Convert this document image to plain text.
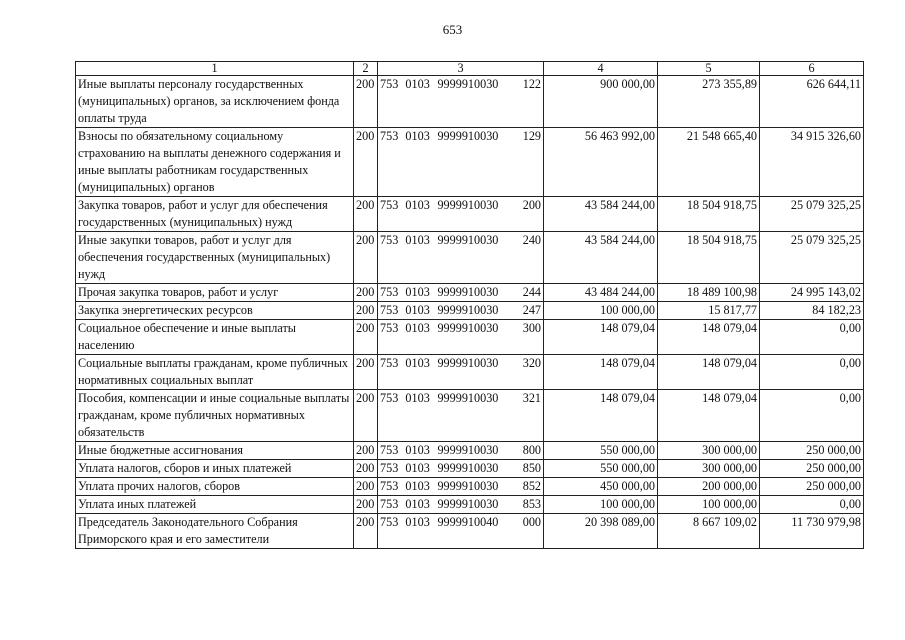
653
1	2	3	4	5	6
Иные выплаты персоналу государственных (муниципальных) органов, за исключением фонда оплаты труда	200	753 0103 9999910030 122	900 000,00	273 355,89	626 644,11
Взносы по обязательному социальному страхованию на выплаты денежного содержания и иные выплаты работникам государственных (муниципальных) органов	200	753 0103 9999910030 129	56 463 992,00	21 548 665,40	34 915 326,60
Закупка товаров, работ и услуг для обеспечения государственных (муниципальных) нужд	200	753 0103 9999910030 200	43 584 244,00	18 504 918,75	25 079 325,25
Иные закупки товаров, работ и услуг для обеспечения государственных (муниципальных) нужд	200	753 0103 9999910030 240	43 584 244,00	18 504 918,75	25 079 325,25
Прочая закупка товаров, работ и услуг	200	753 0103 9999910030 244	43 484 244,00	18 489 100,98	24 995 143,02
Закупка энергетических ресурсов	200	753 0103 9999910030 247	100 000,00	15 817,77	84 182,23
Социальное обеспечение и иные выплаты населению	200	753 0103 9999910030 300	148 079,04	148 079,04	0,00
Социальные выплаты гражданам, кроме публичных нормативных социальных выплат	200	753 0103 9999910030 320	148 079,04	148 079,04	0,00
Пособия, компенсации и иные социальные выплаты гражданам, кроме публичных нормативных обязательств	200	753 0103 9999910030 321	148 079,04	148 079,04	0,00
Иные бюджетные ассигнования	200	753 0103 9999910030 800	550 000,00	300 000,00	250 000,00
Уплата налогов, сборов и иных платежей	200	753 0103 9999910030 850	550 000,00	300 000,00	250 000,00
Уплата прочих налогов, сборов	200	753 0103 9999910030 852	450 000,00	200 000,00	250 000,00
Уплата иных платежей	200	753 0103 9999910030 853	100 000,00	100 000,00	0,00
Председатель Законодательного Собрания Приморского края и его заместители	200	753 0103 9999910040 000	20 398 089,00	8 667 109,02	11 730 979,98
